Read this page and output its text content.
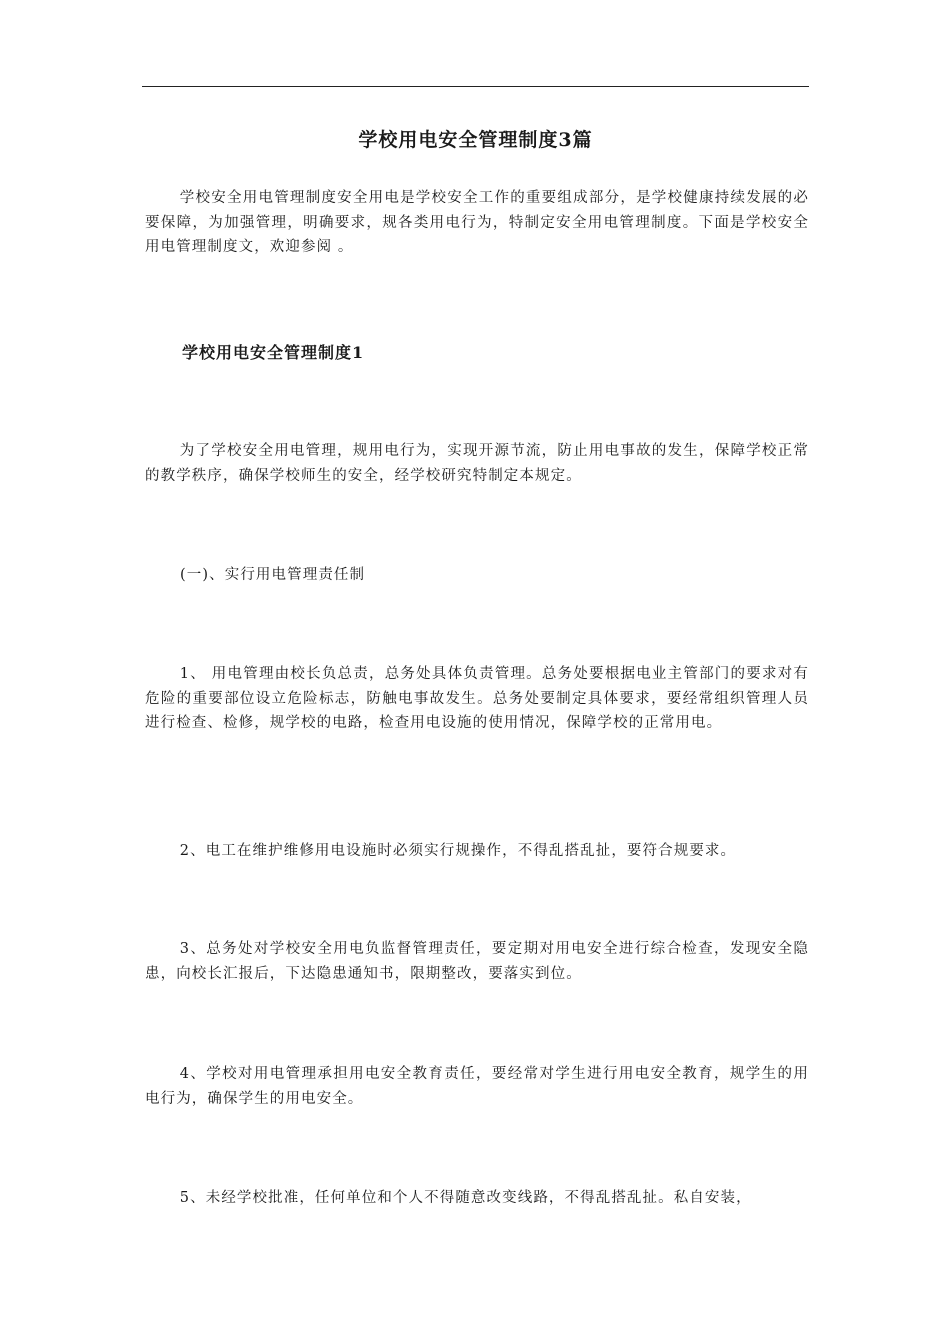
学校用电安全管理制度3篇

学校安全用电管理制度安全用电是学校安全工作的重要组成部分，是学校健康持续发展的必要保障，为加强管理，明确要求，规各类用电行为，特制定安全用电管理制度。下面是学校安全用电管理制度文，欢迎参阅 。

学校用电安全管理制度1

为了学校安全用电管理，规用电行为，实现开源节流，防止用电事故的发生，保障学校正常的教学秩序，确保学校师生的安全，经学校研究特制定本规定。

(一)、实行用电管理责任制

1、 用电管理由校长负总责，总务处具体负责管理。总务处要根据电业主管部门的要求对有危险的重要部位设立危险标志，防触电事故发生。总务处要制定具体要求，要经常组织管理人员进行检查、检修，规学校的电路，检查用电设施的使用情况，保障学校的正常用电。

2、电工在维护维修用电设施时必须实行规操作，不得乱搭乱扯，要符合规要求。

3、总务处对学校安全用电负监督管理责任，要定期对用电安全进行综合检查，发现安全隐患，向校长汇报后，下达隐患通知书，限期整改，要落实到位。

4、学校对用电管理承担用电安全教育责任，要经常对学生进行用电安全教育，规学生的用电行为，确保学生的用电安全。

5、未经学校批准，任何单位和个人不得随意改变线路，不得乱搭乱扯。私自安装，
